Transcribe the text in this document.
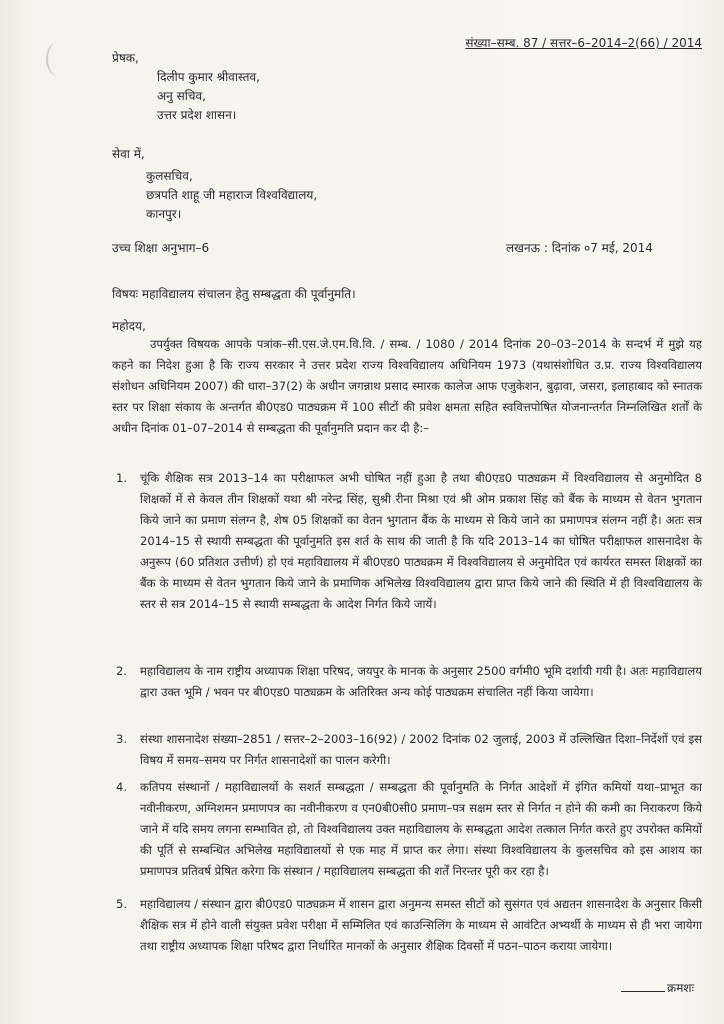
संख्या–सम्ब. 87 / सत्तर–6–2014–2(66) / 2014
प्रेषक,
दिलीप कुमार श्रीवास्तव,
अनु सचिव,
उत्तर प्रदेश शासन।
सेवा में,
कुलसचिव,
छत्रपति शाहू जी महाराज विश्वविद्यालय,
कानपुर।
उच्च शिक्षा अनुभाग–6	लखनऊ : दिनांक ०7 मई, 2014
विषयः महाविद्यालय संचालन हेतु सम्बद्धता की पूर्वानुमति।
महोदय,
उपर्युक्त विषयक आपके पत्रांक–सी.एस.जे.एम.वि.वि. / सम्ब. / 1080 / 2014 दिनांक 20–03–2014 के सन्दर्भ में मुझे यह कहने का निदेश हुआ है कि राज्य सरकार ने उत्तर प्रदेश राज्य विश्वविद्यालय अधिनियम 1973 (यथासंशोधित उ.प्र. राज्य विश्वविद्यालय संशोधन अधिनियम 2007) की धारा–37(2) के अधीन जगन्नाथ प्रसाद स्मारक कालेज आफ एजुकेशन, बुढ़ावा, जसरा, इलाहाबाद को स्नातक स्तर पर शिक्षा संकाय के अन्तर्गत बी0एड0 पाठ्यक्रम में 100 सीटों की प्रवेश क्षमता सहित स्ववित्तपोषित योजनान्तर्गत निम्नलिखित शर्तों के अधीन दिनांक 01–07–2014 से सम्बद्धता की पूर्वानुमति प्रदान कर दी है:–
1.	चूंकि शैक्षिक सत्र 2013–14 का परीक्षाफल अभी घोषित नहीं हुआ है तथा बी0एड0 पाठ्यक्रम में विश्वविद्यालय से अनुमोदित 8 शिक्षकों में से केवल तीन शिक्षकों यथा श्री नरेन्द्र सिंह, सुश्री रीना मिश्रा एवं श्री ओम प्रकाश सिंह को बैंक के माध्यम से वेतन भुगतान किये जाने का प्रमाण संलग्न है, शेष 05 शिक्षकों का वेतन भुगतान बैंक के माध्यम से किये जाने का प्रमाणपत्र संलग्न नहीं है। अतः सत्र 2014–15 से स्थायी सम्बद्धता की पूर्वानुमति इस शर्त के साथ की जाती है कि यदि 2013–14 का घोषित परीक्षाफल शासनादेश के अनुरूप (60 प्रतिशत उत्तीर्ण) हो एवं महाविद्यालय में बी0एड0 पाठ्यक्रम में विश्वविद्यालय से अनुमोदित एवं कार्यरत समस्त शिक्षकों का बैंक के माध्यम से वेतन भुगतान किये जाने के प्रमाणिक अभिलेख विश्वविद्यालय द्वारा प्राप्त किये जाने की स्थिति में ही विश्वविद्यालय के स्तर से सत्र 2014–15 से स्थायी सम्बद्धता के आदेश निर्गत किये जायें।
2.	महाविद्यालय के नाम राष्ट्रीय अध्यापक शिक्षा परिषद, जयपुर के मानक के अनुसार 2500 वर्गमी0 भूमि दर्शायी गयी है। अतः महाविद्यालय द्वारा उक्त भूमि / भवन पर बी0एड0 पाठ्यक्रम के अतिरिक्त अन्य कोई पाठ्यक्रम संचालित नहीं किया जायेगा।
3.	संस्था शासनादेश संख्या–2851 / सत्तर–2–2003–16(92) / 2002 दिनांक 02 जुलाई, 2003 में उल्लिखित दिशा–निर्देशों एवं इस विषय में समय–समय पर निर्गत शासनादेशों का पालन करेगी।
4.	कतिपय संस्थानों / महाविद्यालयों के सशर्त सम्बद्धता / सम्बद्धता की पूर्वानुमति के निर्गत आदेशों में इंगित कमियों यथा–प्राभूत का नवीनीकरण, अग्निशमन प्रमाणपत्र का नवीनीकरण व एन0बी0सी0 प्रमाण–पत्र सक्षम स्तर से निर्गत न होने की कमी का निराकरण किये जाने में यदि समय लगना सम्भावित हो, तो विश्वविद्यालय उक्त महाविद्यालय के सम्बद्धता आदेश तत्काल निर्गत करते हुए उपरोक्त कमियों की पूर्ति से सम्बन्धित अभिलेख महाविद्यालयों से एक माह में प्राप्त कर लेगा। संस्था विश्वविद्यालय के कुलसचिव को इस आशय का प्रमाणपत्र प्रतिवर्ष प्रेषित करेगा कि संस्थान / महाविद्यालय सम्बद्धता की शर्तें निरन्तर पूरी कर रहा है।
5.	महाविद्यालय / संस्थान द्वारा बी0एड0 पाठ्यक्रम में शासन द्वारा अनुमन्य समस्त सीटों को सुसंगत एवं अद्यतन शासनादेश के अनुसार किसी शैक्षिक सत्र में होने वाली संयुक्त प्रवेश परीक्षा में सम्मिलित एवं काउन्सिलिंग के माध्यम से आवंटित अभ्यर्थी के माध्यम से ही भरा जायेगा तथा राष्ट्रीय अध्यापक शिक्षा परिषद द्वारा निर्धारित मानकों के अनुसार शैक्षिक दिवसों में पठन–पाठन कराया जायेगा।
क्रमशः
